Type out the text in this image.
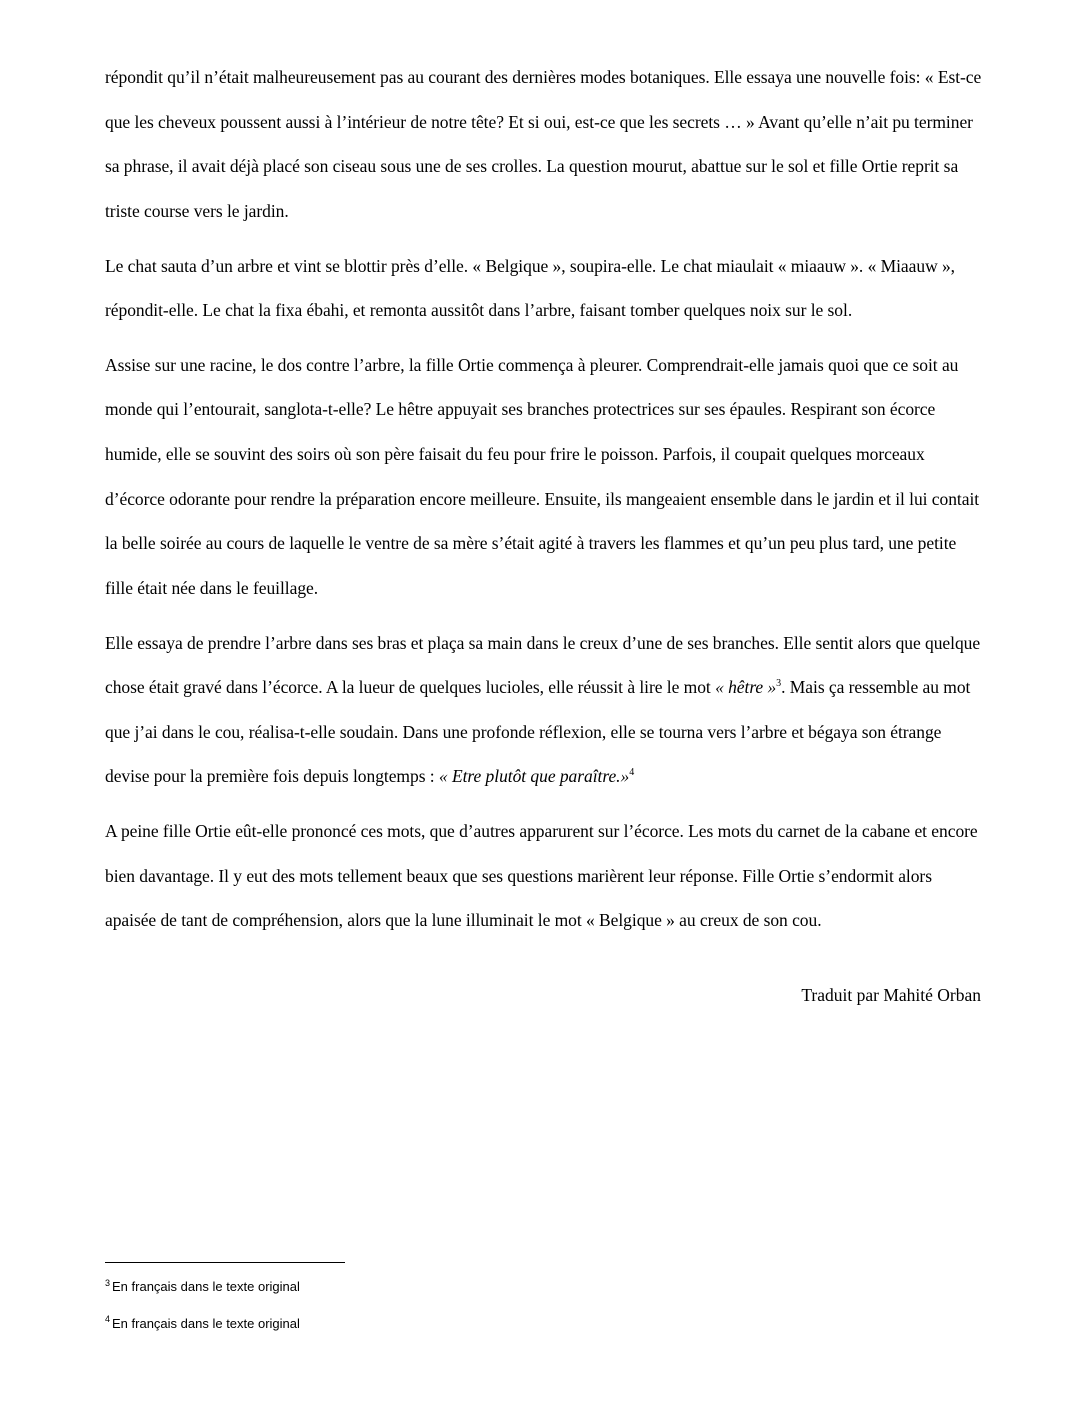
répondit qu’il n’était malheureusement pas au courant des dernières modes botaniques. Elle essaya une nouvelle fois: « Est-ce que les cheveux poussent aussi à l’intérieur de notre tête? Et si oui, est-ce que les secrets … » Avant qu’elle n’ait pu terminer sa phrase, il avait déjà placé son ciseau sous une de ses crolles. La question mourut, abattue sur le sol et fille Ortie reprit sa triste course vers le jardin.

Le chat sauta d’un arbre et vint se blottir près d’elle. « Belgique », soupira-elle. Le chat miaulait « miaauw ». « Miaauw », répondit-elle. Le chat la fixa ébahi, et remonta aussitôt dans l’arbre, faisant tomber quelques noix sur le sol.

Assise sur une racine, le dos contre l’arbre, la fille Ortie commença à pleurer. Comprendrait-elle jamais quoi que ce soit au monde qui l’entourait, sanglota-t-elle? Le hêtre appuyait ses branches protectrices sur ses épaules. Respirant son écorce humide, elle se souvint des soirs où son père faisait du feu pour frire le poisson. Parfois, il coupait quelques morceaux d’écorce odorante pour rendre la préparation encore meilleure. Ensuite, ils mangeaient ensemble dans le jardin et il lui contait la belle soirée au cours de laquelle le ventre de sa mère s’était agité à travers les flammes et qu’un peu plus tard, une petite fille était née dans le feuillage.

Elle essaya de prendre l’arbre dans ses bras et plaça sa main dans le creux d’une de ses branches. Elle sentit alors que quelque chose était gravé dans l’écorce. A la lueur de quelques lucioles, elle réussit à lire le mot « hêtre »$^3$. Mais ça ressemble au mot que j’ai dans le cou, réalisa-t-elle soudain. Dans une profonde réflexion, elle se tourna vers l’arbre et bégaya son étrange devise pour la première fois depuis longtemps : « Etre plutôt que paraître.»$^4$

A peine fille Ortie eût-elle prononcé ces mots, que d’autres apparurent sur l’écorce. Les mots du carnet de la cabane et encore bien davantage. Il y eut des mots tellement beaux que ses questions marièrent leur réponse. Fille Ortie s’endormit alors apaisée de tant de compréhension, alors que la lune illuminait le mot « Belgique » au creux de son cou.

Traduit par Mahité Orban
$^3$ En français dans le texte original
$^4$ En français dans le texte original
